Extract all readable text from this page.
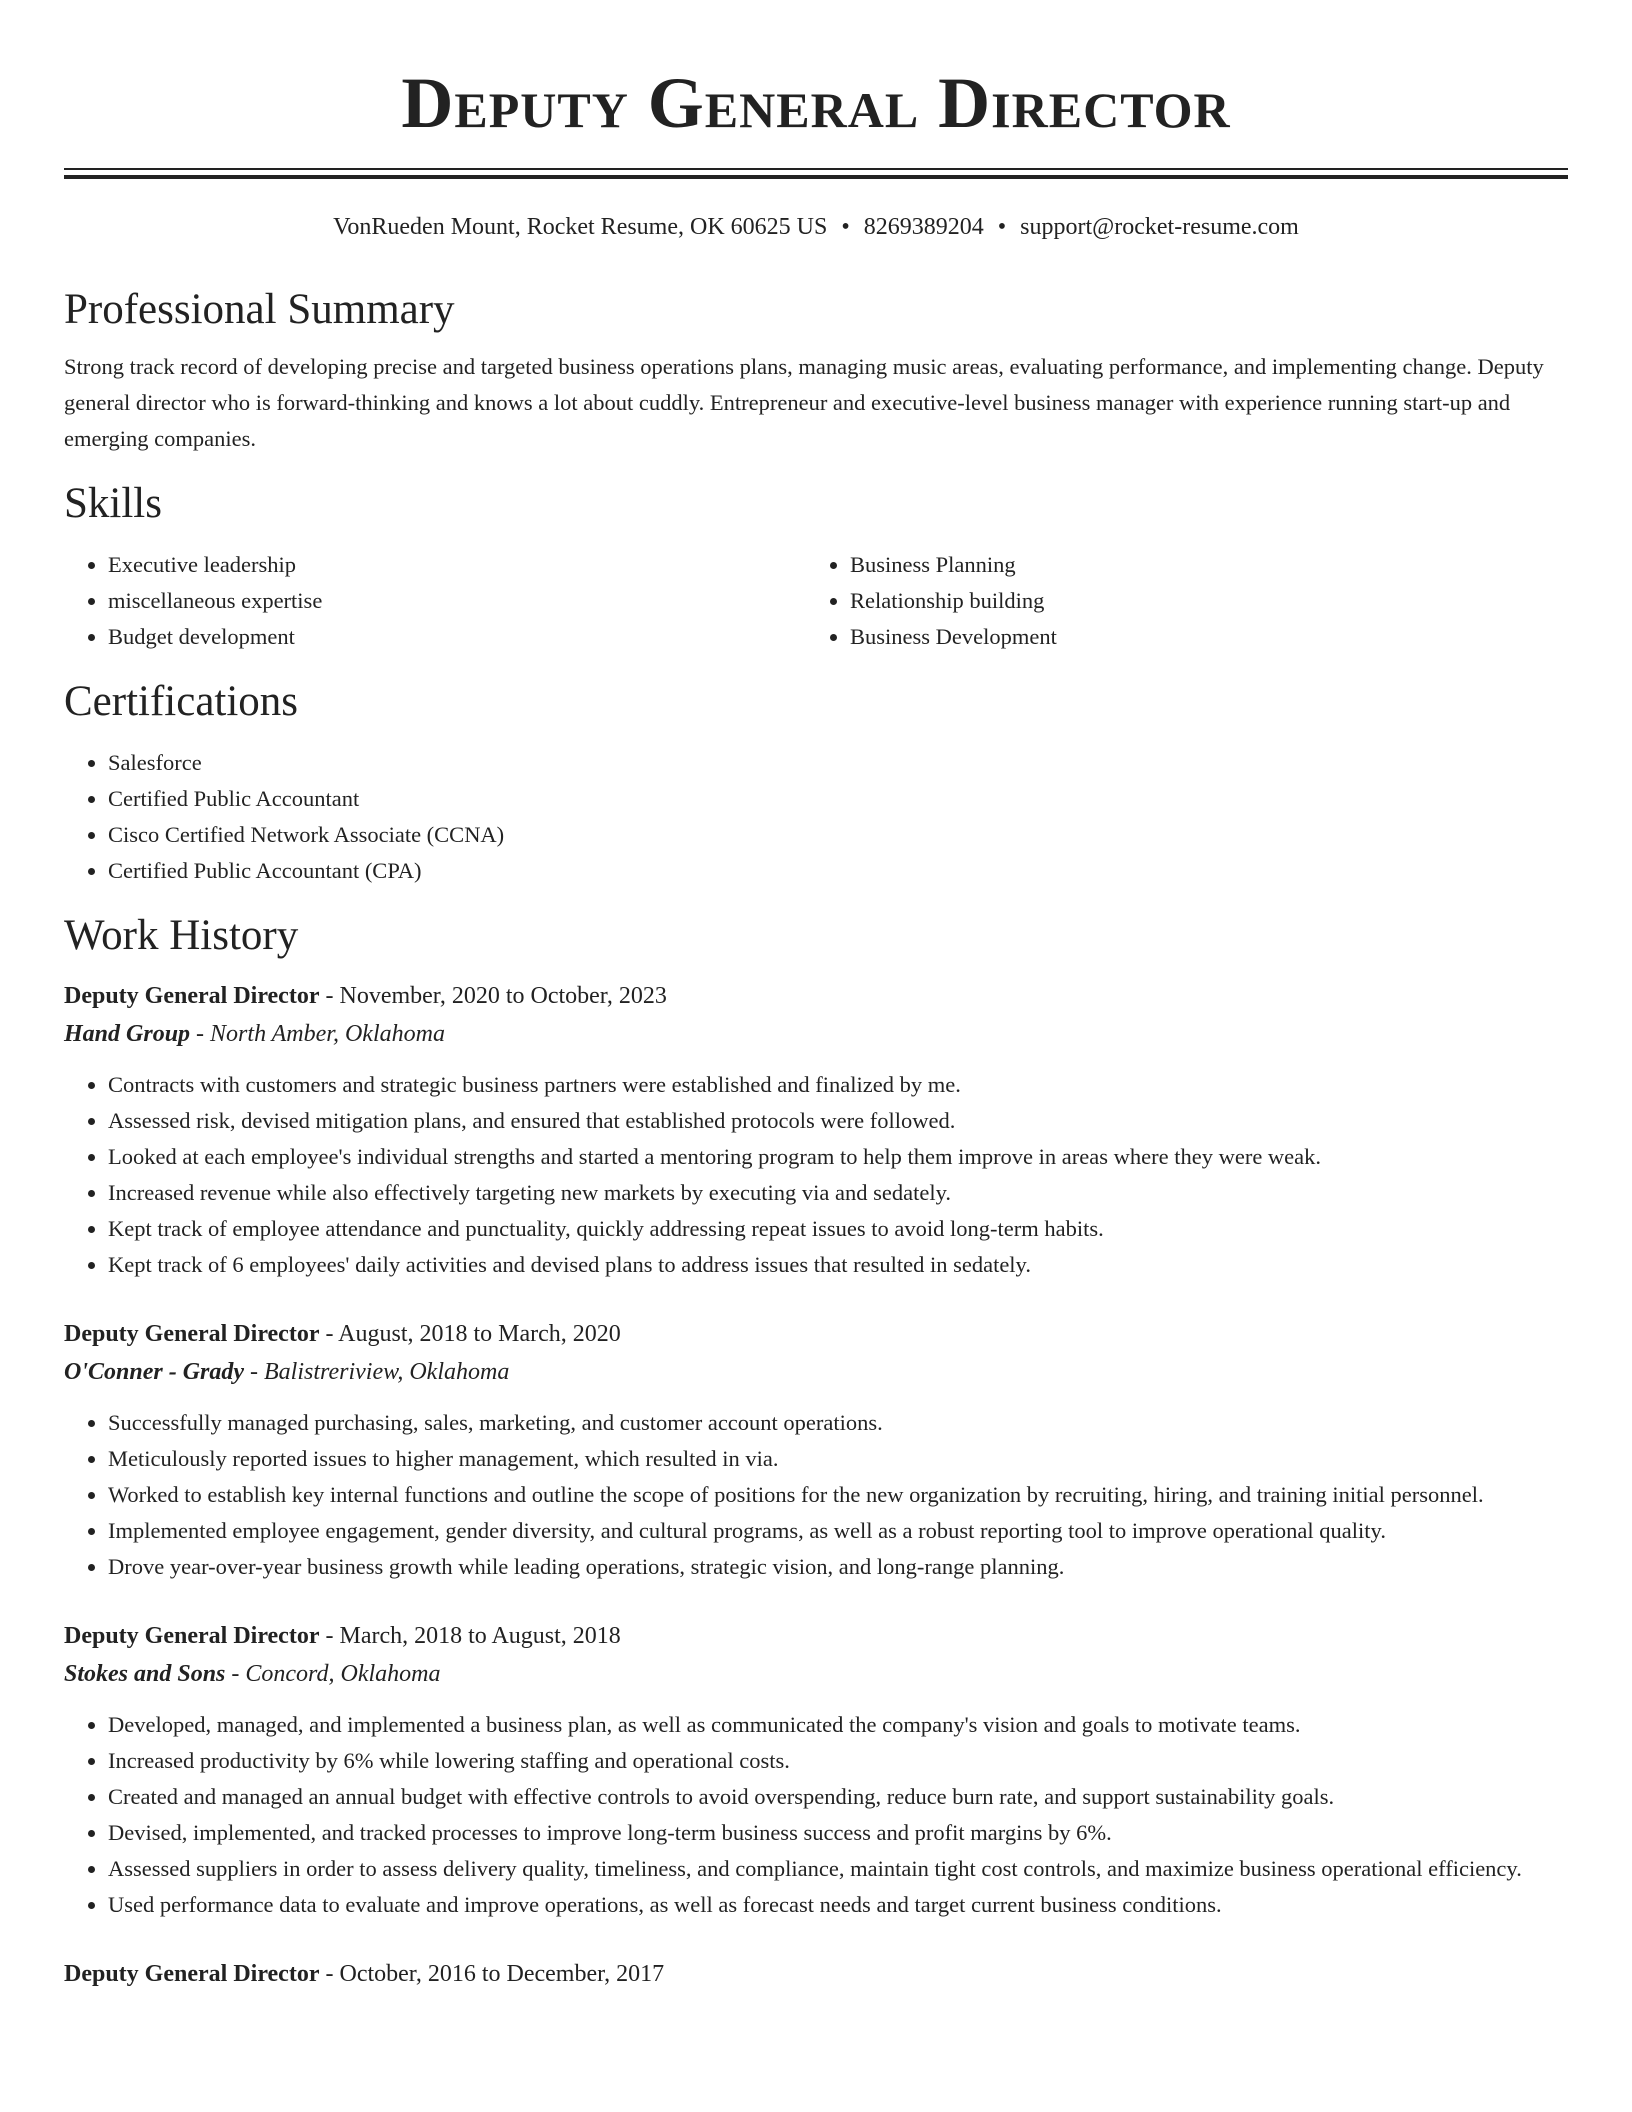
Deputy General Director
VonRueden Mount, Rocket Resume, OK 60625 US • 8269389204 • support@rocket-resume.com
Professional Summary
Strong track record of developing precise and targeted business operations plans, managing music areas, evaluating performance, and implementing change. Deputy general director who is forward-thinking and knows a lot about cuddly. Entrepreneur and executive-level business manager with experience running start-up and emerging companies.
Skills
• Executive leadership
• miscellaneous expertise
• Budget development
• Business Planning
• Relationship building
• Business Development
Certifications
• Salesforce
• Certified Public Accountant
• Cisco Certified Network Associate (CCNA)
• Certified Public Accountant (CPA)
Work History
Deputy General Director - November, 2020 to October, 2023
Hand Group - North Amber, Oklahoma
• Contracts with customers and strategic business partners were established and finalized by me.
• Assessed risk, devised mitigation plans, and ensured that established protocols were followed.
• Looked at each employee's individual strengths and started a mentoring program to help them improve in areas where they were weak.
• Increased revenue while also effectively targeting new markets by executing via and sedately.
• Kept track of employee attendance and punctuality, quickly addressing repeat issues to avoid long-term habits.
• Kept track of 6 employees' daily activities and devised plans to address issues that resulted in sedately.
Deputy General Director - August, 2018 to March, 2020
O'Conner - Grady - Balistreriview, Oklahoma
• Successfully managed purchasing, sales, marketing, and customer account operations.
• Meticulously reported issues to higher management, which resulted in via.
• Worked to establish key internal functions and outline the scope of positions for the new organization by recruiting, hiring, and training initial personnel.
• Implemented employee engagement, gender diversity, and cultural programs, as well as a robust reporting tool to improve operational quality.
• Drove year-over-year business growth while leading operations, strategic vision, and long-range planning.
Deputy General Director - March, 2018 to August, 2018
Stokes and Sons - Concord, Oklahoma
• Developed, managed, and implemented a business plan, as well as communicated the company's vision and goals to motivate teams.
• Increased productivity by 6% while lowering staffing and operational costs.
• Created and managed an annual budget with effective controls to avoid overspending, reduce burn rate, and support sustainability goals.
• Devised, implemented, and tracked processes to improve long-term business success and profit margins by 6%.
• Assessed suppliers in order to assess delivery quality, timeliness, and compliance, maintain tight cost controls, and maximize business operational efficiency.
• Used performance data to evaluate and improve operations, as well as forecast needs and target current business conditions.
Deputy General Director - October, 2016 to December, 2017
